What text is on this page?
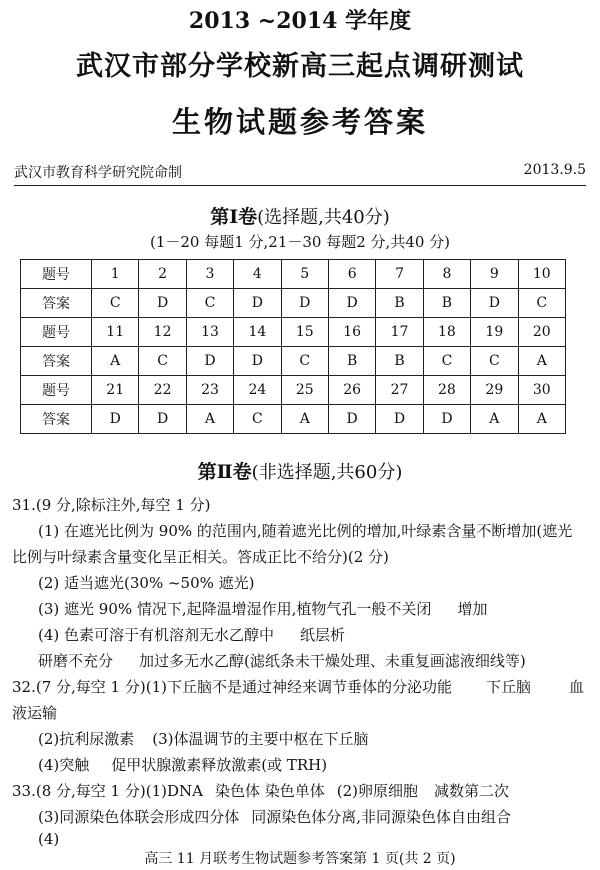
2013 ~2014 学年度
武汉市部分学校新高三起点调研测试
生物试题参考答案
武汉市教育科学研究院命制	2013.9.5
第Ⅰ卷(选择题,共40分)
(1－20 每题1 分,21－30 每题2 分,共40 分)
题号	1	2	3	4	5	6	7	8	9	10
答案	C	D	C	D	D	D	B	B	D	C
题号	11	12	13	14	15	16	17	18	19	20
答案	A	C	D	D	C	B	B	C	C	A
题号	21	22	23	24	25	26	27	28	29	30
答案	D	D	A	C	A	D	D	D	A	A
第Ⅱ卷(非选择题,共60分)
31.(9 分,除标注外,每空 1 分)
(1) 在遮光比例为 90% 的范围内,随着遮光比例的增加,叶绿素含量不断增加(遮光
比例与叶绿素含量变化呈正相关。答成正比不给分)(2 分)
(2) 适当遮光(30% ~50% 遮光)
(3) 遮光 90% 情况下,起降温增湿作用,植物气孔一般不关闭 增加
(4) 色素可溶于有机溶剂无水乙醇中 纸层析
研磨不充分 加过多无水乙醇(滤纸条未干燥处理、未重复画滤液细线等)
32.(7 分,每空 1 分)(1)下丘脑不是通过神经来调节垂体的分泌功能 下丘脑	血
液运输
(2)抗利尿激素 (3)体温调节的主要中枢在下丘脑
(4)突触 促甲状腺激素释放激素(或 TRH)
33.(8 分,每空 1 分)(1)DNA 染色体 染色单体 (2)卵原细胞 减数第二次
(3)同源染色体联会形成四分体 同源染色体分离,非同源染色体自由组合
(4)
高三 11 月联考生物试题参考答案第 1 页(共 2 页)
